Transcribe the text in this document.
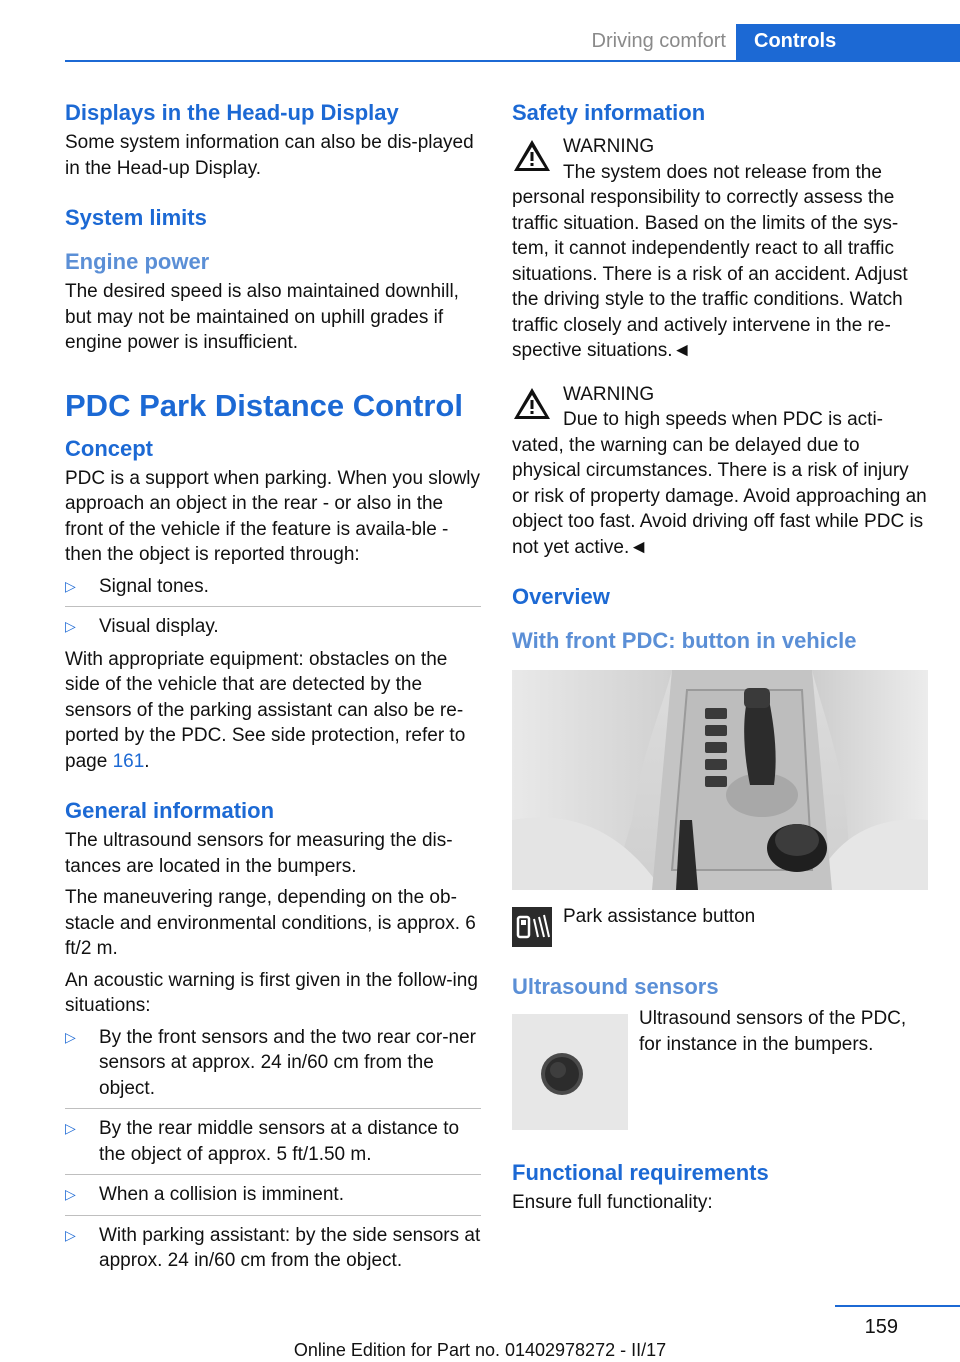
Driving comfort	Controls
Displays in the Head-up Display
Some system information can also be dis-played in the Head-up Display.
System limits
Engine power
The desired speed is also maintained downhill, but may not be maintained on uphill grades if engine power is insufficient.
PDC Park Distance Control
Concept
PDC is a support when parking. When you slowly approach an object in the rear - or also in the front of the vehicle if the feature is availa-ble - then the object is reported through:
▷ Signal tones.
▷ Visual display.
With appropriate equipment: obstacles on the side of the vehicle that are detected by the sensors of the parking assistant can also be re-ported by the PDC. See side protection, refer to page 161.
General information
The ultrasound sensors for measuring the dis-tances are located in the bumpers.
The maneuvering range, depending on the ob-stacle and environmental conditions, is approx. 6 ft/2 m.
An acoustic warning is first given in the follow-ing situations:
▷ By the front sensors and the two rear cor-ner sensors at approx. 24 in/60 cm from the object.
▷ By the rear middle sensors at a distance to the object of approx. 5 ft/1.50 m.
▷ When a collision is imminent.
▷ With parking assistant: by the side sensors at approx. 24 in/60 cm from the object.
Safety information
WARNING
The system does not release from the personal responsibility to correctly assess the traffic situation. Based on the limits of the sys-tem, it cannot independently react to all traffic situations. There is a risk of an accident. Adjust the driving style to the traffic conditions. Watch traffic closely and actively intervene in the re-spective situations.◄
WARNING
Due to high speeds when PDC is acti-vated, the warning can be delayed due to physical circumstances. There is a risk of injury or risk of property damage. Avoid approaching an object too fast. Avoid driving off fast while PDC is not yet active.◄
Overview
With front PDC: button in vehicle
Park assistance button
Ultrasound sensors
Ultrasound sensors of the PDC, for instance in the bumpers.
Functional requirements
Ensure full functionality:
159
Online Edition for Part no. 01402978272 - II/17
